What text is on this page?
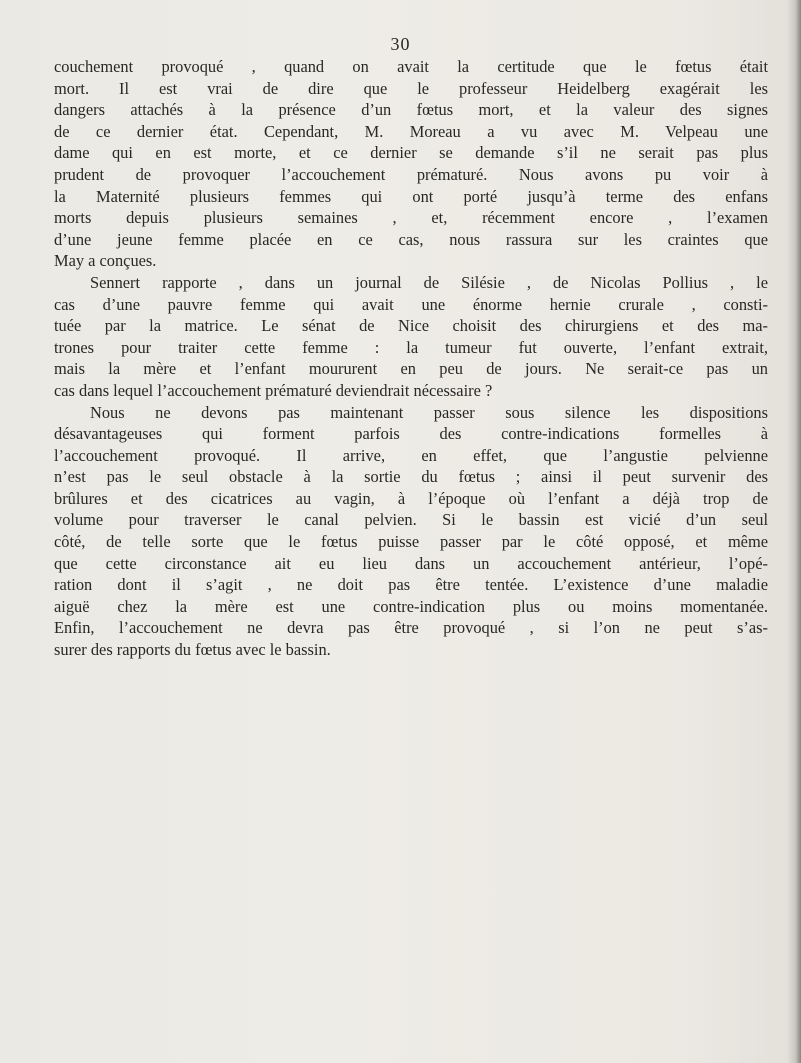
30
couchement provoqué , quand on avait la certitude que le fœtus était
mort. Il est vrai de dire que le professeur Heidelberg exagérait les
dangers attachés à la présence d’un fœtus mort, et la valeur des signes
de ce dernier état. Cependant, M. Moreau a vu avec M. Velpeau une
dame qui en est morte, et ce dernier se demande s’il ne serait pas plus
prudent de provoquer l’accouchement prématuré. Nous avons pu voir à
la Maternité plusieurs femmes qui ont porté jusqu’à terme des enfans
morts depuis plusieurs semaines , et, récemment encore , l’examen
d’une jeune femme placée en ce cas, nous rassura sur les craintes que
May a conçues.
Sennert rapporte , dans un journal de Silésie , de Nicolas Pollius , le
cas d’une pauvre femme qui avait une énorme hernie crurale , consti-
tuée par la matrice. Le sénat de Nice choisit des chirurgiens et des ma-
trones pour traiter cette femme : la tumeur fut ouverte, l’enfant extrait,
mais la mère et l’enfant moururent en peu de jours. Ne serait-ce pas un
cas dans lequel l’accouchement prématuré deviendrait nécessaire ?
Nous ne devons pas maintenant passer sous silence les dispositions
désavantageuses qui forment parfois des contre-indications formelles à
l’accouchement provoqué. Il arrive, en effet, que l’angustie pelvienne
n’est pas le seul obstacle à la sortie du fœtus ; ainsi il peut survenir des
brûlures et des cicatrices au vagin, à l’époque où l’enfant a déjà trop de
volume pour traverser le canal pelvien. Si le bassin est vicié d’un seul
côté, de telle sorte que le fœtus puisse passer par le côté opposé, et même
que cette circonstance ait eu lieu dans un accouchement antérieur, l’opé-
ration dont il s’agit , ne doit pas être tentée. L’existence d’une maladie
aiguë chez la mère est une contre-indication plus ou moins momentanée.
Enfin, l’accouchement ne devra pas être provoqué , si l’on ne peut s’as-
surer des rapports du fœtus avec le bassin.
